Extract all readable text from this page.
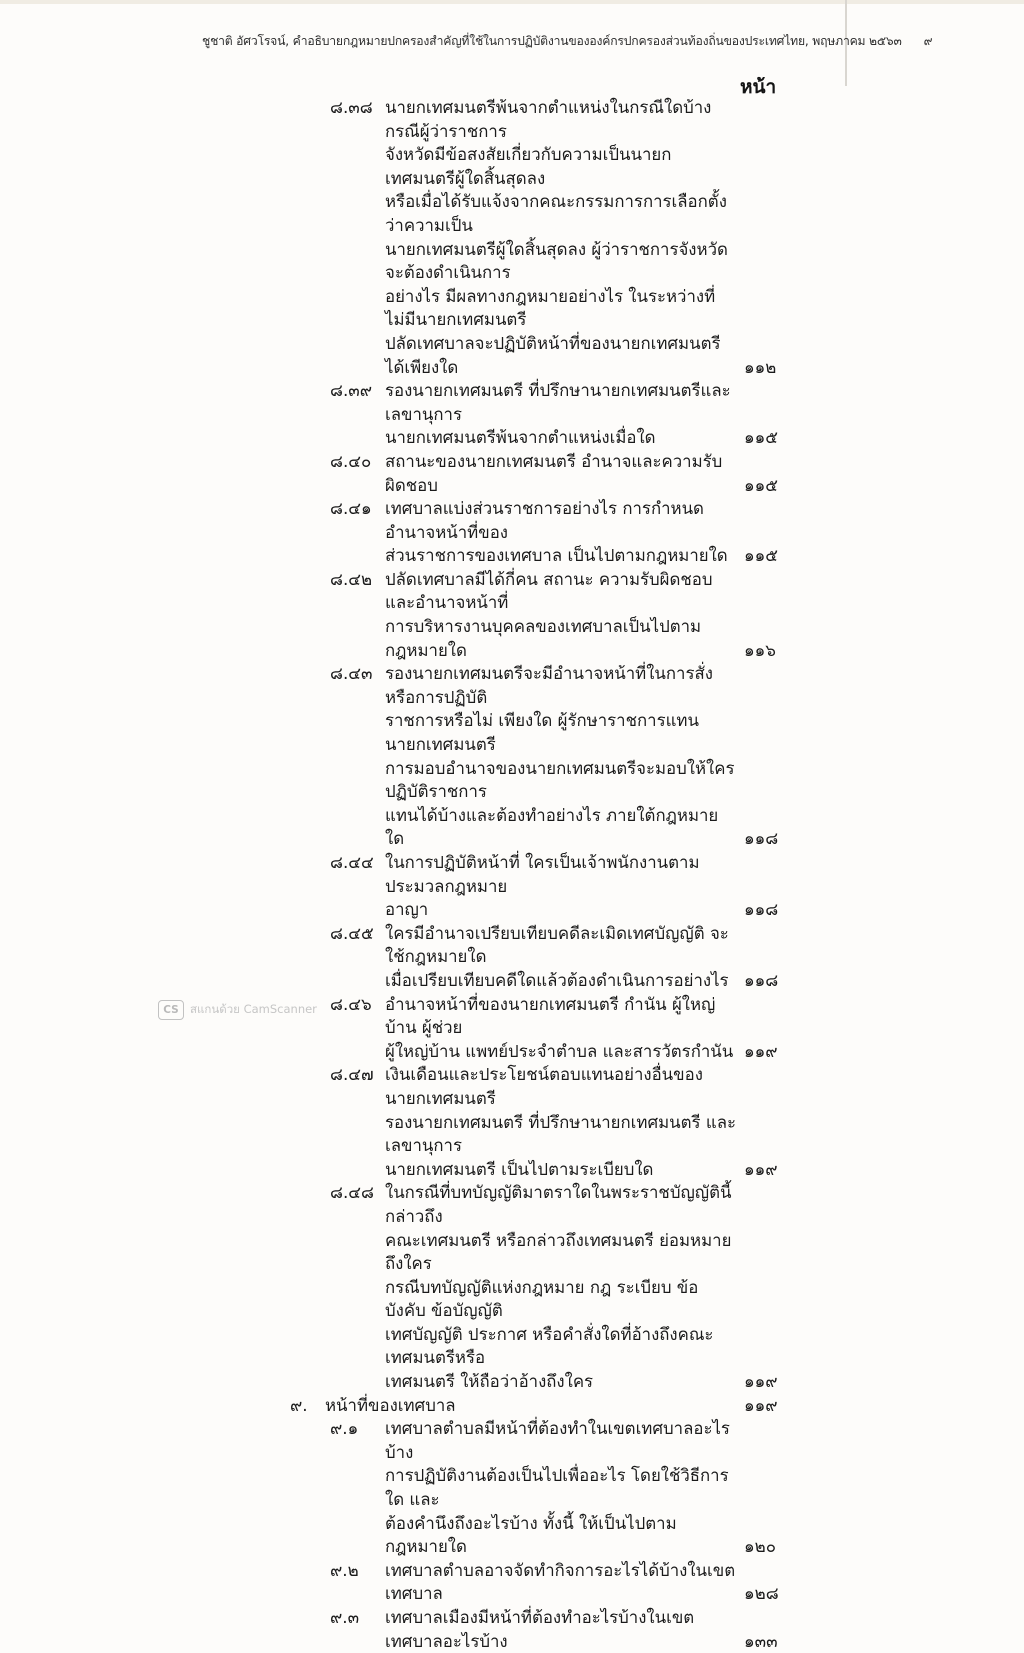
ชูชาติ อัศวโรจน์, คำอธิบายกฎหมายปกครองสำคัญที่ใช้ในการปฏิบัติงานขององค์กรปกครองส่วนท้องถิ่นของประเทศไทย, พฤษภาคม ๒๕๖๓ ๙
หน้า
๘.๓๘ นายกเทศมนตรีพ้นจากตำแหน่งในกรณีใดบ้าง กรณีผู้ว่าราชการ
จังหวัดมีข้อสงสัยเกี่ยวกับความเป็นนายกเทศมนตรีผู้ใดสิ้นสุดลง
หรือเมื่อได้รับแจ้งจากคณะกรรมการการเลือกตั้งว่าความเป็น
นายกเทศมนตรีผู้ใดสิ้นสุดลง ผู้ว่าราชการจังหวัดจะต้องดำเนินการ
อย่างไร มีผลทางกฎหมายอย่างไร ในระหว่างที่ไม่มีนายกเทศมนตรี
ปลัดเทศบาลจะปฏิบัติหน้าที่ของนายกเทศมนตรีได้เพียงใด	๑๑๒
๘.๓๙ รองนายกเทศมนตรี ที่ปรึกษานายกเทศมนตรีและเลขานุการ
นายกเทศมนตรีพ้นจากตำแหน่งเมื่อใด	๑๑๕
๘.๔๐ สถานะของนายกเทศมนตรี อำนาจและความรับผิดชอบ	๑๑๕
๘.๔๑ เทศบาลแบ่งส่วนราชการอย่างไร การกำหนดอำนาจหน้าที่ของ
ส่วนราชการของเทศบาล เป็นไปตามกฎหมายใด ๑๑๕
๘.๔๒ ปลัดเทศบาลมีได้กี่คน สถานะ ความรับผิดชอบ และอำนาจหน้าที่
การบริหารงานบุคคลของเทศบาลเป็นไปตามกฎหมายใด	๑๑๖
๘.๔๓ รองนายกเทศมนตรีจะมีอำนาจหน้าที่ในการสั่งหรือการปฏิบัติ
ราชการหรือไม่ เพียงใด ผู้รักษาราชการแทนนายกเทศมนตรี
การมอบอำนาจของนายกเทศมนตรีจะมอบให้ใครปฏิบัติราชการ
แทนได้บ้างและต้องทำอย่างไร ภายใต้กฎหมายใด	๑๑๘
๘.๔๔ ในการปฏิบัติหน้าที่ ใครเป็นเจ้าพนักงานตามประมวลกฎหมาย
อาญา	๑๑๘
๘.๔๕ ใครมีอำนาจเปรียบเทียบคดีละเมิดเทศบัญญัติ จะใช้กฎหมายใด
เมื่อเปรียบเทียบคดีใดแล้วต้องดำเนินการอย่างไร ๑๑๘
๘.๔๖ อำนาจหน้าที่ของนายกเทศมนตรี กำนัน ผู้ใหญ่บ้าน ผู้ช่วย
ผู้ใหญ่บ้าน แพทย์ประจำตำบล และสารวัตรกำนัน ๑๑๙
๘.๔๗ เงินเดือนและประโยชน์ตอบแทนอย่างอื่นของนายกเทศมนตรี
รองนายกเทศมนตรี ที่ปรึกษานายกเทศมนตรี และเลขานุการ
นายกเทศมนตรี เป็นไปตามระเบียบใด	๑๑๙
๘.๔๘ ในกรณีที่บทบัญญัติมาตราใดในพระราชบัญญัตินี้กล่าวถึง
คณะเทศมนตรี หรือกล่าวถึงเทศมนตรี ย่อมหมายถึงใคร
กรณีบทบัญญัติแห่งกฎหมาย กฎ ระเบียบ ข้อบังคับ ข้อบัญญัติ
เทศบัญญัติ ประกาศ หรือคำสั่งใดที่อ้างถึงคณะเทศมนตรีหรือ
เทศมนตรี ให้ถือว่าอ้างถึงใคร	๑๑๙
๙.	หน้าที่ของเทศบาล	๑๑๙
๙.๑	เทศบาลตำบลมีหน้าที่ต้องทำในเขตเทศบาลอะไรบ้าง
การปฏิบัติงานต้องเป็นไปเพื่ออะไร โดยใช้วิธีการใด และ
ต้องคำนึงถึงอะไรบ้าง ทั้งนี้ ให้เป็นไปตามกฎหมายใด	๑๒๐
๙.๒	เทศบาลตำบลอาจจัดทำกิจการอะไรได้บ้างในเขตเทศบาล	๑๒๘
๙.๓	เทศบาลเมืองมีหน้าที่ต้องทำอะไรบ้างในเขตเทศบาลอะไรบ้าง	๑๓๓
CS สแกนด้วย CamScanner
